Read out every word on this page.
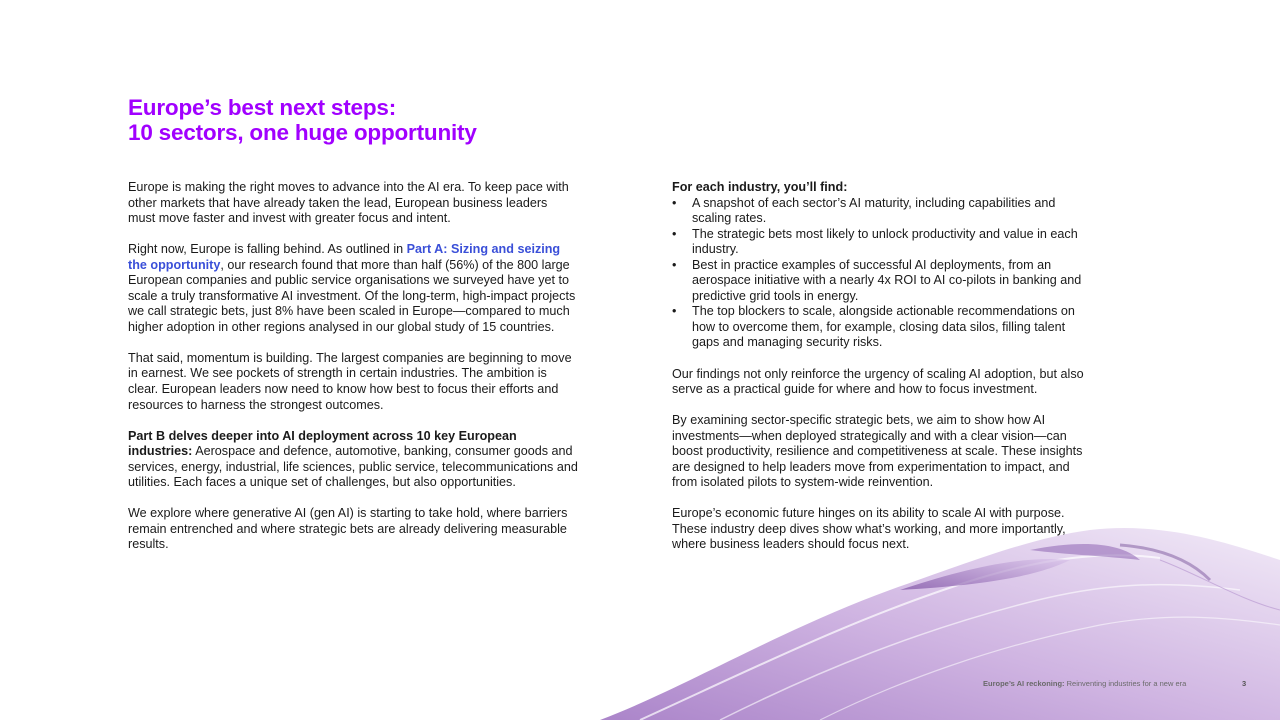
Europe’s best next steps:
10 sectors, one huge opportunity

Europe is making the right moves to advance into the AI era. To keep pace with other markets that have already taken the lead, European business leaders must move faster and invest with greater focus and intent.

Right now, Europe is falling behind. As outlined in Part A: Sizing and seizing the opportunity, our research found that more than half (56%) of the 800 large European companies and public service organisations we surveyed have yet to scale a truly transformative AI investment. Of the long-term, high-impact projects we call strategic bets, just 8% have been scaled in Europe—compared to much higher adoption in other regions analysed in our global study of 15 countries.

That said, momentum is building. The largest companies are beginning to move in earnest. We see pockets of strength in certain industries. The ambition is clear. European leaders now need to know how best to focus their efforts and resources to harness the strongest outcomes.

Part B delves deeper into AI deployment across 10 key European industries: Aerospace and defence, automotive, banking, consumer goods and services, energy, industrial, life sciences, public service, telecommunications and utilities. Each faces a unique set of challenges, but also opportunities.

We explore where generative AI (gen AI) is starting to take hold, where barriers remain entrenched and where strategic bets are already delivering measurable results.

For each industry, you’ll find:

• A snapshot of each sector’s AI maturity, including capabilities and scaling rates.
• The strategic bets most likely to unlock productivity and value in each industry.
• Best in practice examples of successful AI deployments, from an aerospace initiative with a nearly 4x ROI to AI co-pilots in banking and predictive grid tools in energy.
• The top blockers to scale, alongside actionable recommendations on how to overcome them, for example, closing data silos, filling talent gaps and managing security risks.

Our findings not only reinforce the urgency of scaling AI adoption, but also serve as a practical guide for where and how to focus investment.

By examining sector-specific strategic bets, we aim to show how AI investments—when deployed strategically and with a clear vision—can boost productivity, resilience and competitiveness at scale. These insights are designed to help leaders move from experimentation to impact, and from isolated pilots to system-wide reinvention.

Europe’s economic future hinges on its ability to scale AI with purpose. These industry deep dives show what’s working, and more importantly, where business leaders should focus next.

Europe’s AI reckoning: Reinventing industries for a new era	3
